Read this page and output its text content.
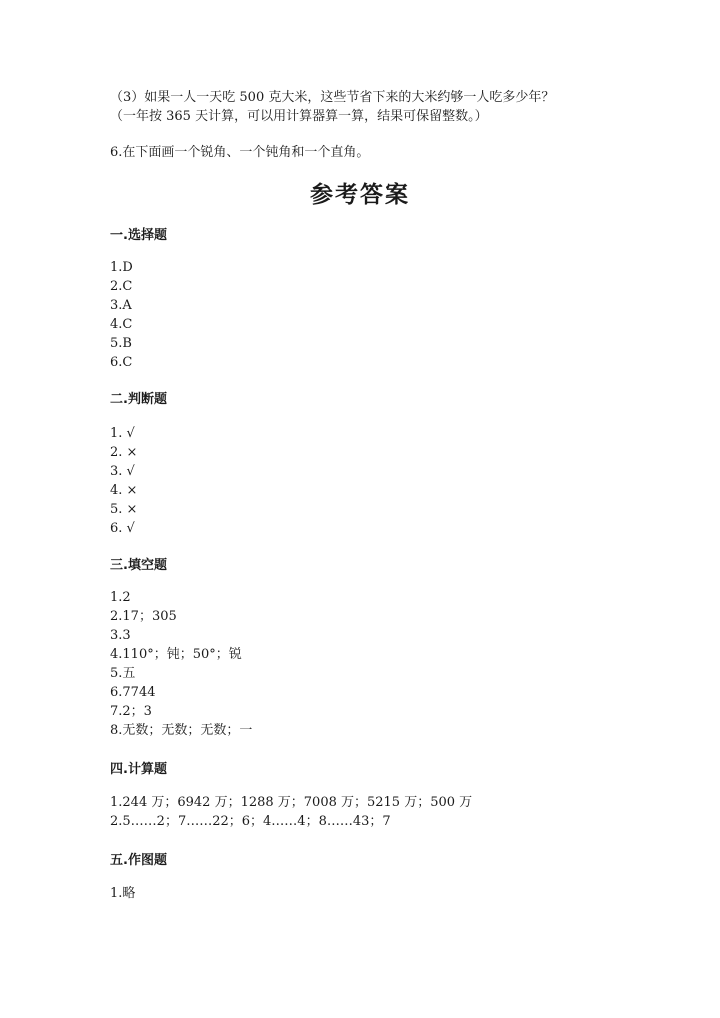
（3）如果一人一天吃 500 克大米，这些节省下来的大米约够一人吃多少年？
（一年按 365 天计算，可以用计算器算一算，结果可保留整数。）
6.在下面画一个锐角、一个钝角和一个直角。
参考答案
一.选择题
1.D
2.C
3.A
4.C
5.B
6.C
二.判断题
1. √
2. ×
3. √
4. ×
5. ×
6. √
三.填空题
1.2
2.17；305
3.3
4.110°；钝；50°；锐
5.五
6.7744
7.2；3
8.无数；无数；无数；一
四.计算题
1.244 万；6942 万；1288 万；7008 万；5215 万；500 万
2.5……2；7……22；6；4……4；8……43；7
五.作图题
1.略
